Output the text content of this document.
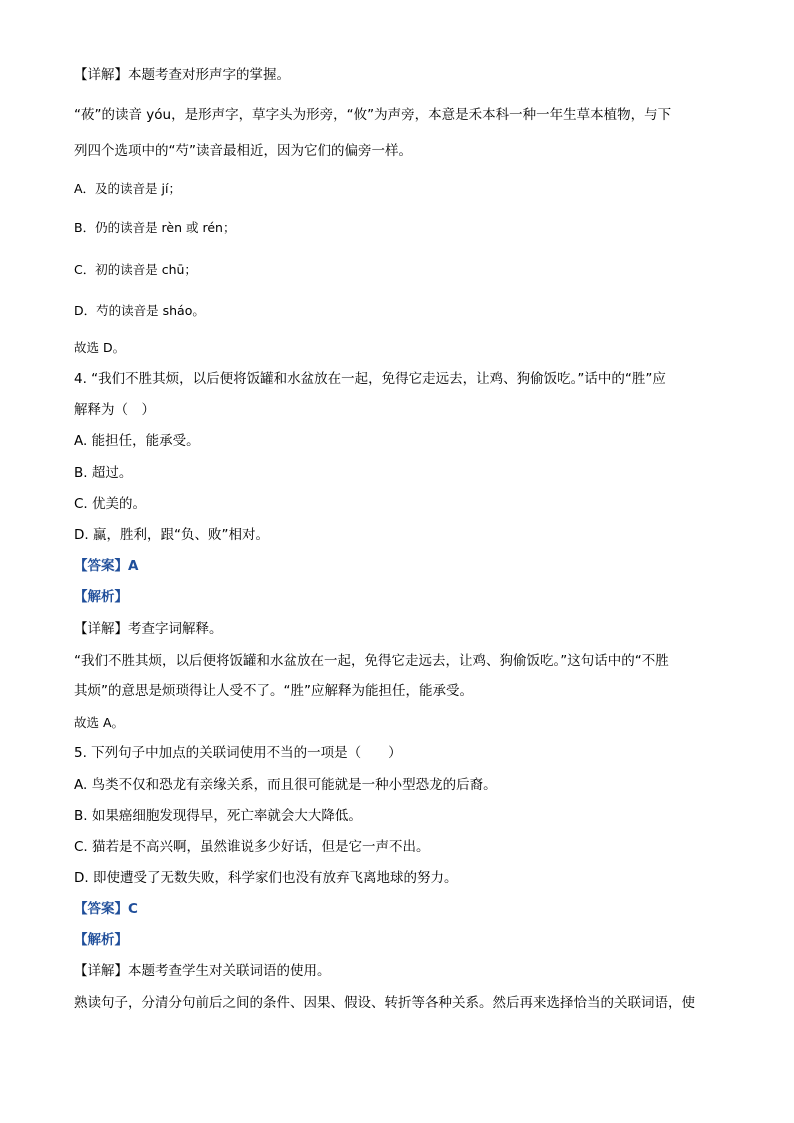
【详解】本题考查对形声字的掌握。
“莜”的读音 yóu，是形声字，草字头为形旁，“攸”为声旁，本意是禾本科一种一年生草本植物，与下
列四个选项中的“芍”读音最相近，因为它们的偏旁一样。
A．及的读音是 jí；
B．仍的读音是 rèn 或 rén；
C．初的读音是 chū；
D．芍的读音是 sháo。
故选 D。
4. “我们不胜其烦，以后便将饭罐和水盆放在一起，免得它走远去，让鸡、狗偷饭吃。”话中的“胜”应
解释为（　）
A. 能担任，能承受。
B. 超过。
C. 优美的。
D. 赢，胜利，跟“负、败”相对。
【答案】A
【解析】
【详解】考查字词解释。
“我们不胜其烦，以后便将饭罐和水盆放在一起，免得它走远去，让鸡、狗偷饭吃。”这句话中的“不胜
其烦”的意思是烦琐得让人受不了。“胜”应解释为能担任，能承受。
故选 A。
5. 下列句子中加点的关联词使用不当的一项是（　　）
A. 鸟类不仅和恐龙有亲缘关系，而且很可能就是一种小型恐龙的后裔。
B. 如果癌细胞发现得早，死亡率就会大大降低。
C. 猫若是不高兴啊，虽然谁说多少好话，但是它一声不出。
D. 即使遭受了无数失败，科学家们也没有放弃飞离地球的努力。
【答案】C
【解析】
【详解】本题考查学生对关联词语的使用。
熟读句子，分清分句前后之间的条件、因果、假设、转折等各种关系。然后再来选择恰当的关联词语，使
